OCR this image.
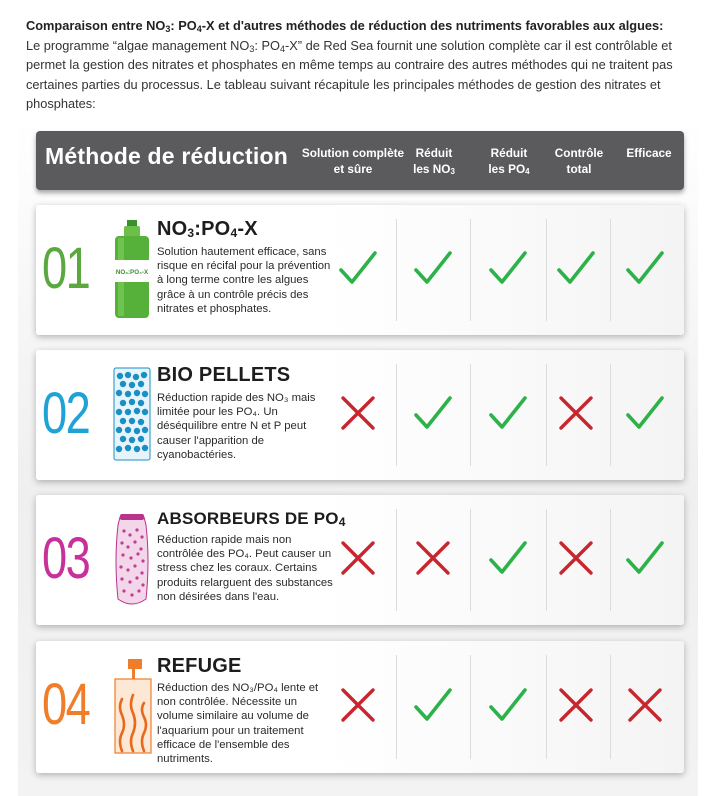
Comparaison entre $NO_3$: $PO_4-X$ et d'autres méthodes de réduction des nutriments favorables aux algues:
Le programme “algae management $NO_3$: $PO_4-X$” de Red Sea fournit une solution complète car il est contrôlable et permet la gestion des nitrates et phosphates en même temps au contraire des autres méthodes qui ne traitent pas certaines parties du processus. Le tableau suivant récapitule les principales méthodes de gestion des nitrates et phosphates:
Méthode de réduction Solution complète
et sûre
Réduit
les $NO_3$
Réduit
les $PO_4$
Contrôle
total
Efficace
01	NO₃:PO₄-X
$NO_3:PO_4-X$
Solution hautement efficace, sans risque en récifal pour la prévention à long terme contre les algues grâce à un contrôle précis des nitrates et phosphates.
02
BIO PELLETS
Réduction rapide des NO₃ mais limitée pour les PO₄. Un déséquilibre entre N et P peut causer l'apparition de cyanobactéries.
03
ABSORBEURS DE $PO_4$
Réduction rapide mais non contrôlée des PO₄. Peut causer un stress chez les coraux. Certains produits relarguent des substances non désirées dans l'eau.
04
REFUGE
Réduction des NO₃/PO₄ lente et non contrôlée. Nécessite un volume similaire au volume de l'aquarium pour un traitement efficace de l'ensemble des nutriments.
